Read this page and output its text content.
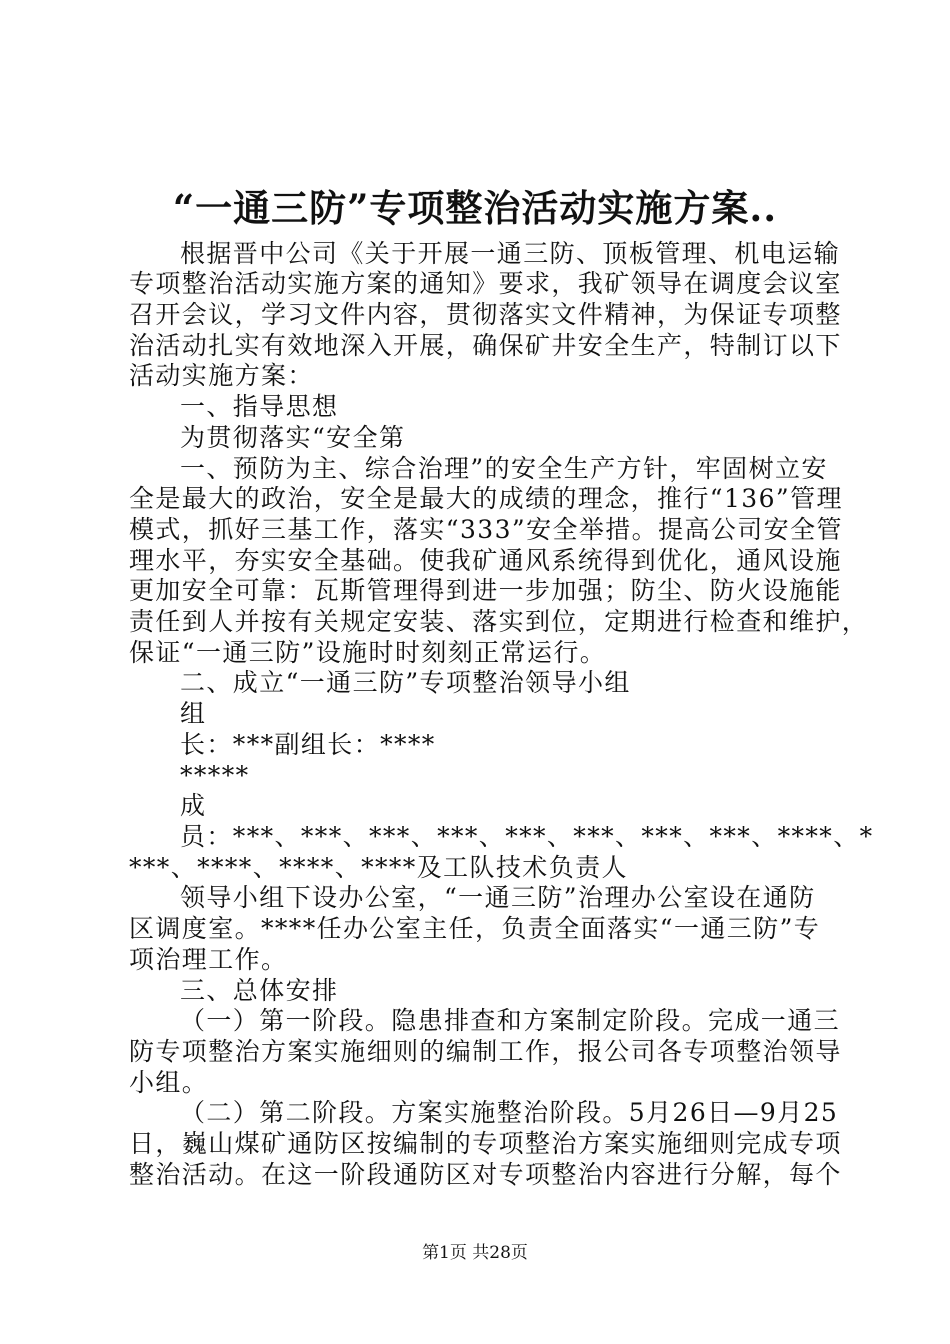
“一通三防”专项整治活动实施方案..
根据晋中公司《关于开展一通三防、顶板管理、机电运输
专项整治活动实施方案的通知》要求，我矿领导在调度会议室
召开会议，学习文件内容，贯彻落实文件精神，为保证专项整
治活动扎实有效地深入开展，确保矿井安全生产，特制订以下
活动实施方案：
一、指导思想
为贯彻落实“安全第
一、预防为主、综合治理”的安全生产方针，牢固树立安
全是最大的政治，安全是最大的成绩的理念，推行“136”管理
模式，抓好三基工作，落实“333”安全举措。提高公司安全管
理水平，夯实安全基础。使我矿通风系统得到优化，通风设施
更加安全可靠：瓦斯管理得到进一步加强；防尘、防火设施能
责任到人并按有关规定安装、落实到位，定期进行检查和维护，
保证“一通三防”设施时时刻刻正常运行。
二、成立“一通三防”专项整治领导小组
组
长：***副组长：****
*****
成
员：***、***、***、***、***、***、***、***、****、*
***、****、****、****及工队技术负责人
领导小组下设办公室，“一通三防”治理办公室设在通防
区调度室。****任办公室主任，负责全面落实“一通三防”专
项治理工作。
三、总体安排
（一）第一阶段。隐患排查和方案制定阶段。完成一通三
防专项整治方案实施细则的编制工作，报公司各专项整治领导
小组。
（二）第二阶段。方案实施整治阶段。5月26日—9月25
日，巍山煤矿通防区按编制的专项整治方案实施细则完成专项
整治活动。在这一阶段通防区对专项整治内容进行分解，每个
第1页 共28页
